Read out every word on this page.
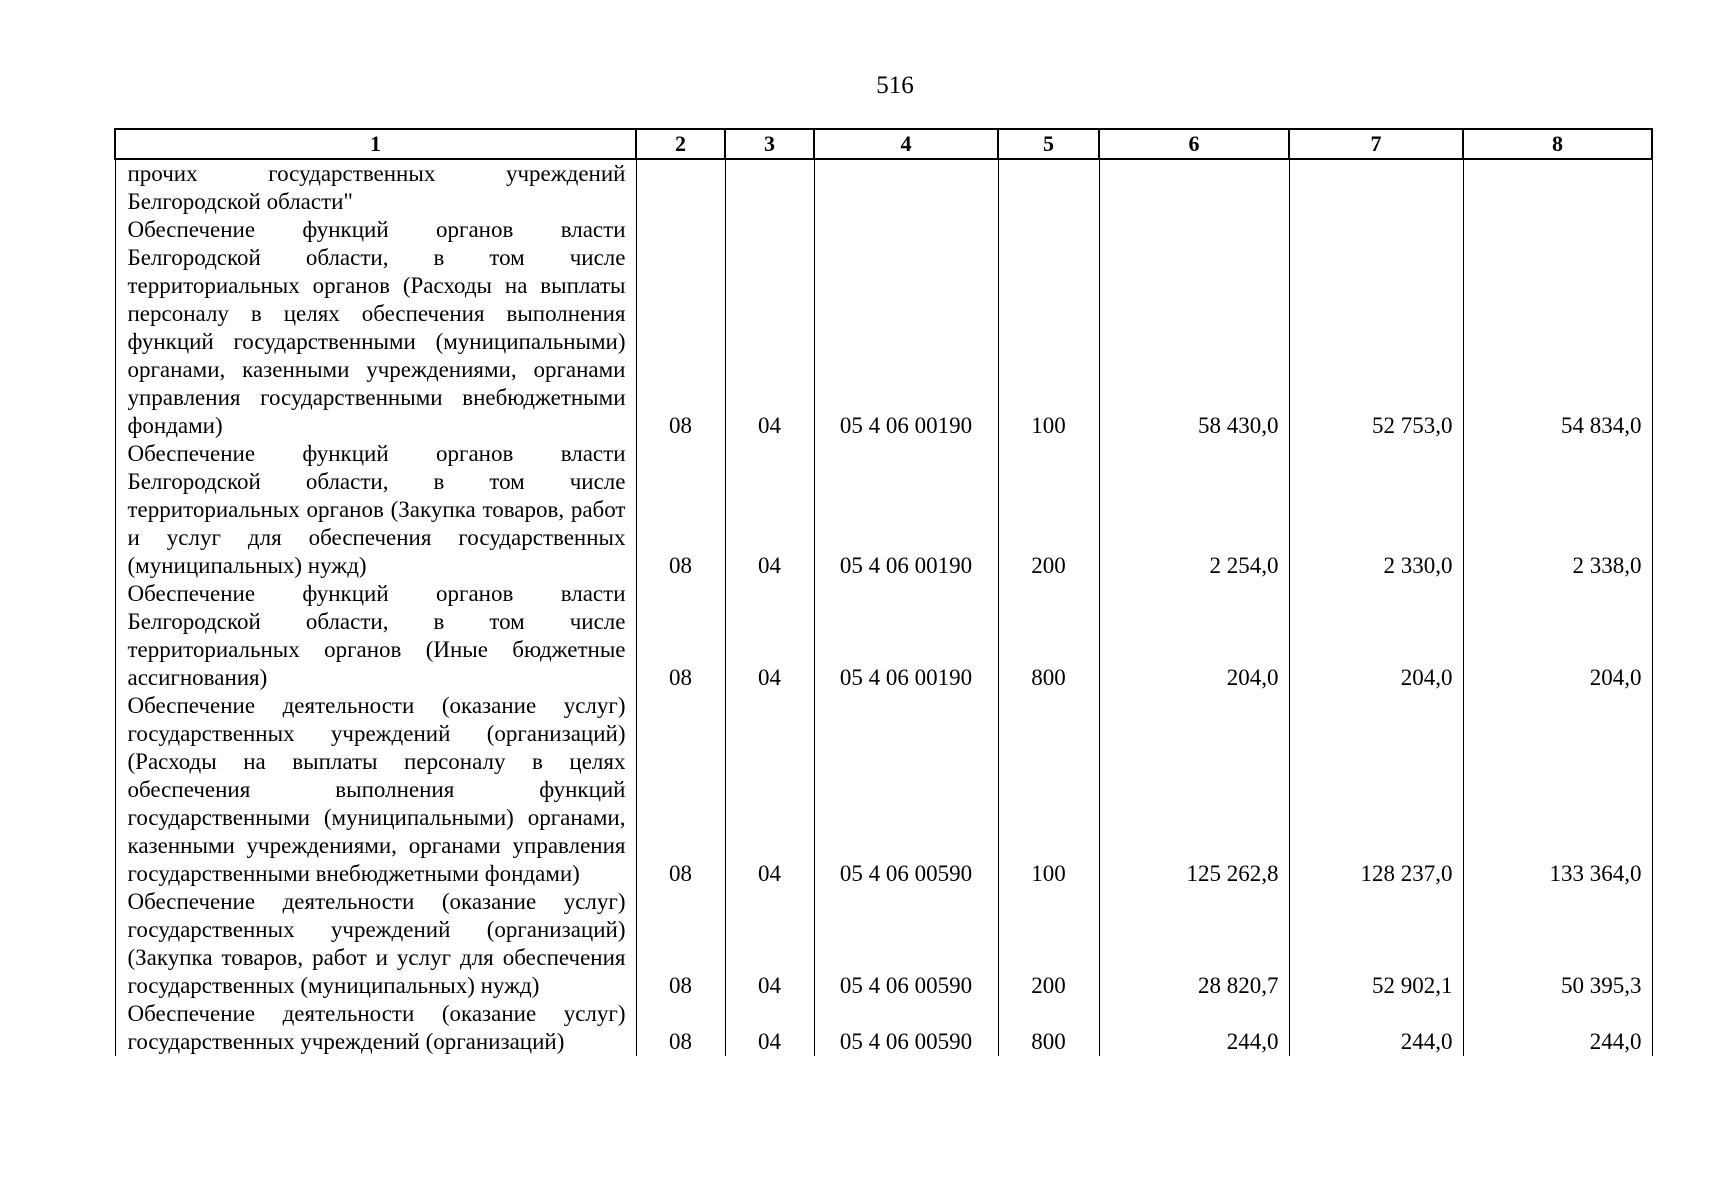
516
1	2	3	4	5	6	7	8
прочих государственных учреждений Белгородской области"							
Обеспечение функций органов власти Белгородской области, в том числе территориальных органов (Расходы на выплаты персоналу в целях обеспечения выполнения функций государственными (муниципальными) органами, казенными учреждениями, органами управления государственными внебюджетными фондами)	08	04	05 4 06 00190	100	58 430,0	52 753,0	54 834,0
Обеспечение функций органов власти Белгородской области, в том числе территориальных органов (Закупка товаров, работ и услуг для обеспечения государственных (муниципальных) нужд)	08	04	05 4 06 00190	200	2 254,0	2 330,0	2 338,0
Обеспечение функций органов власти Белгородской области, в том числе территориальных органов (Иные бюджетные ассигнования)	08	04	05 4 06 00190	800	204,0	204,0	204,0
Обеспечение деятельности (оказание услуг) государственных учреждений (организаций) (Расходы на выплаты персоналу в целях обеспечения выполнения функций государственными (муниципальными) органами, казенными учреждениями, органами управления государственными внебюджетными фондами)	08	04	05 4 06 00590	100	125 262,8	128 237,0	133 364,0
Обеспечение деятельности (оказание услуг) государственных учреждений (организаций) (Закупка товаров, работ и услуг для обеспечения государственных (муниципальных) нужд)	08	04	05 4 06 00590	200	28 820,7	52 902,1	50 395,3
Обеспечение деятельности (оказание услуг) государственных учреждений (организаций)	08	04	05 4 06 00590	800	244,0	244,0	244,0
